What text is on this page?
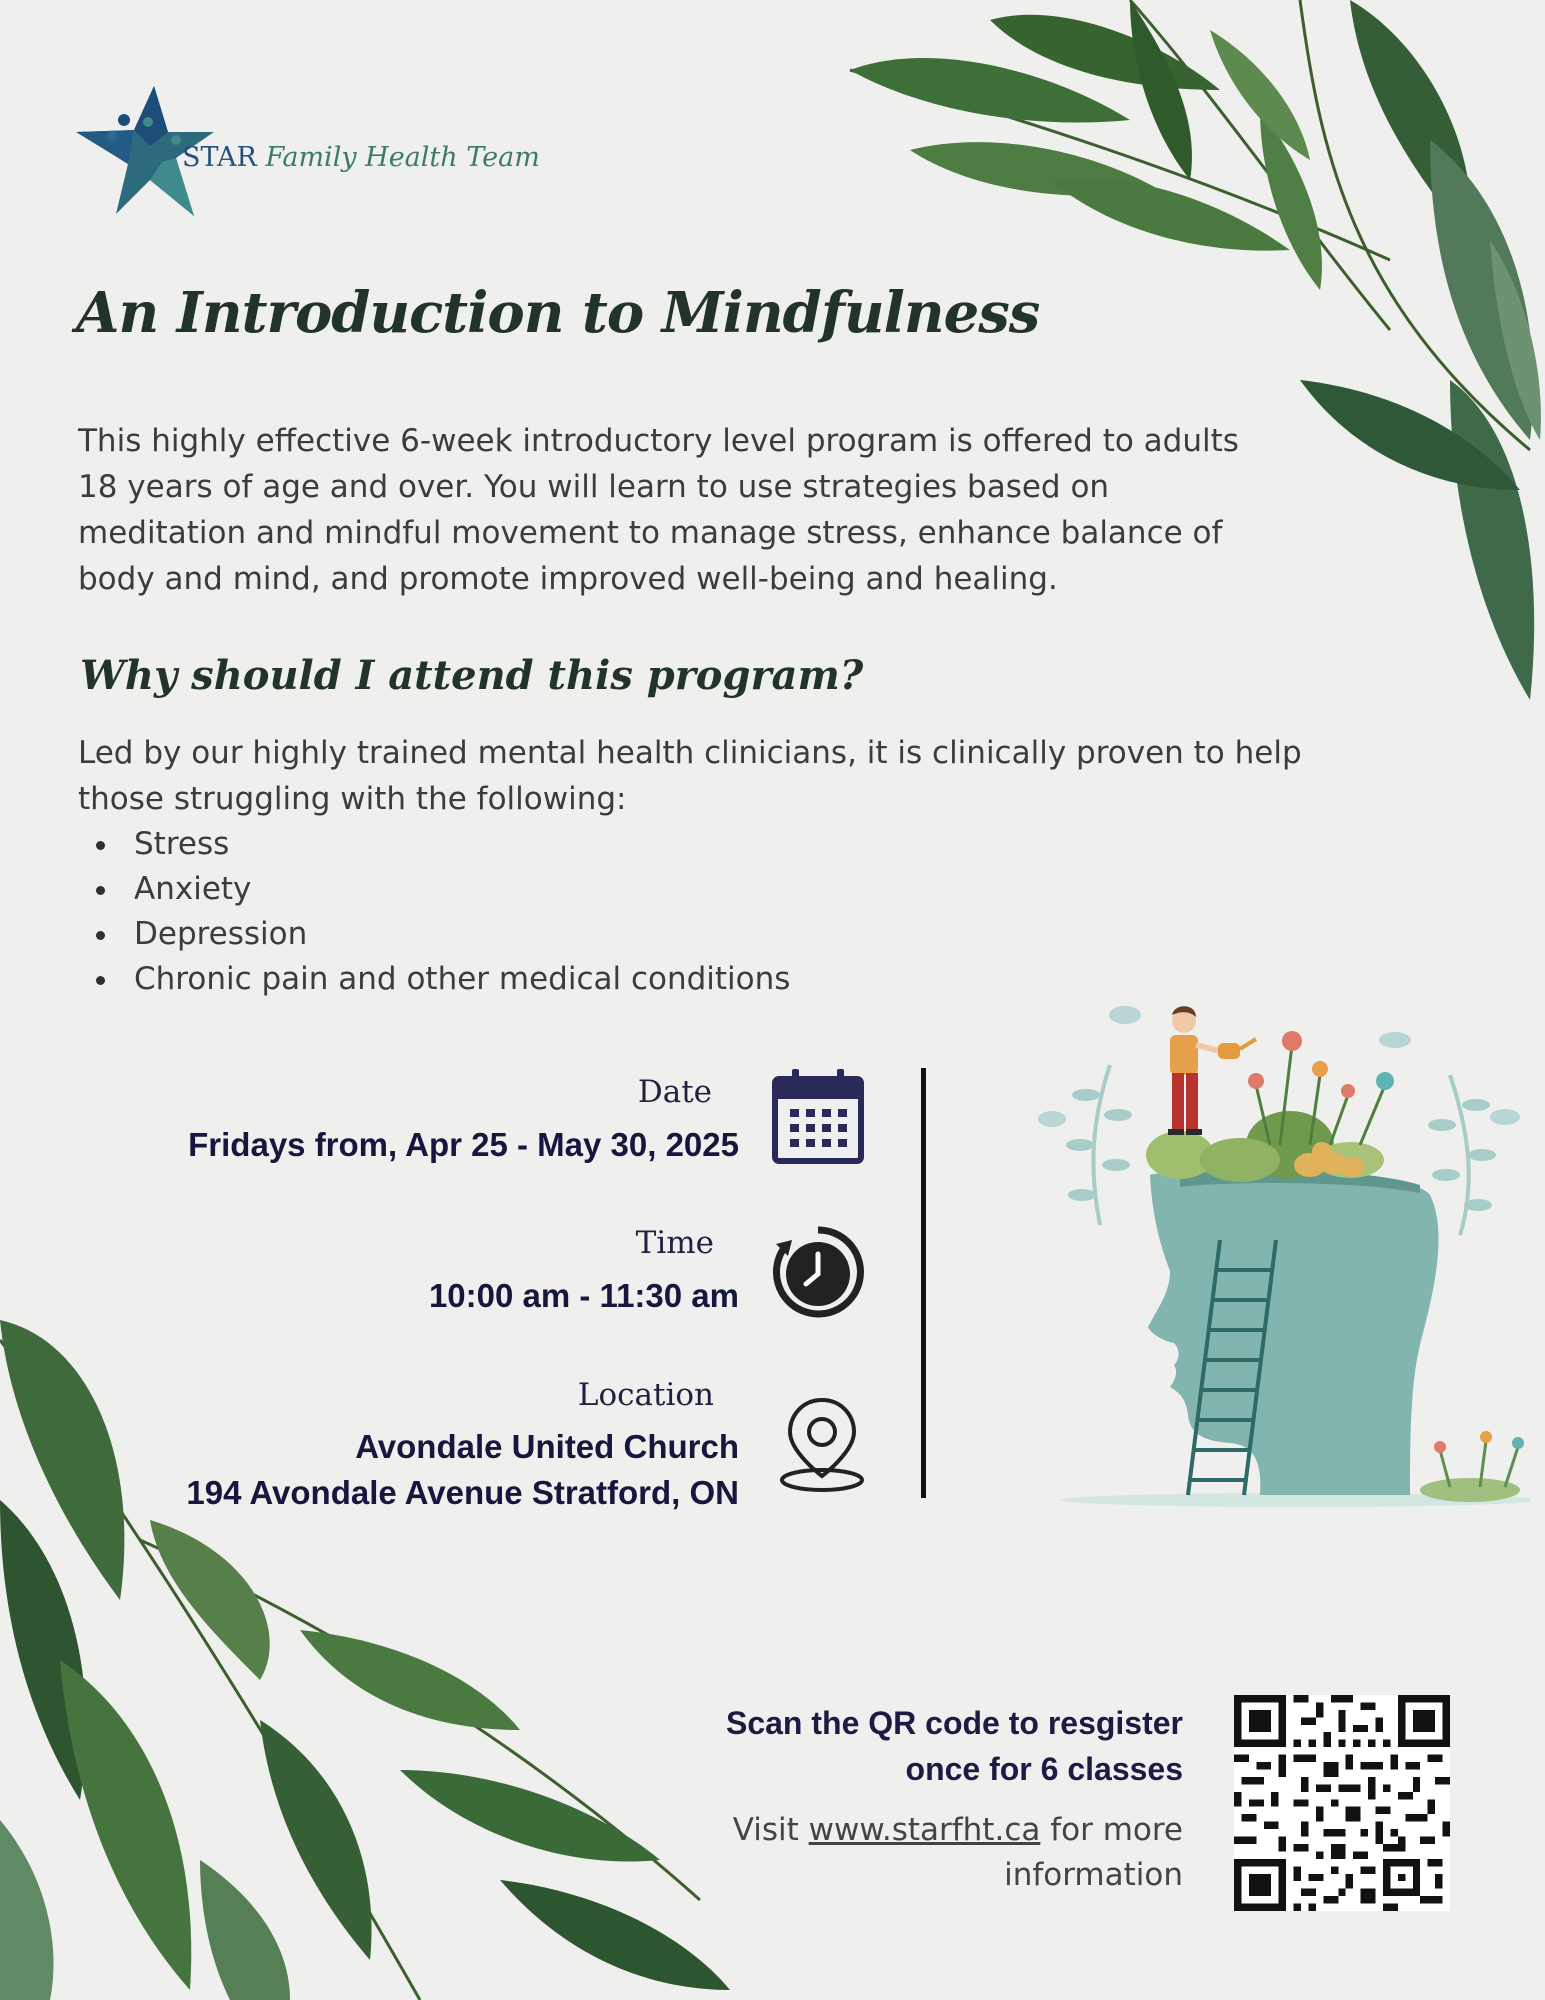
STAR Family Health Team
An Introduction to Mindfulness
This highly effective 6-week introductory level program is offered to adults
18 years of age and over. You will learn to use strategies based on
meditation and mindful movement to manage stress, enhance balance of
body and mind, and promote improved well-being and healing.
Why should I attend this program?
Led by our highly trained mental health clinicians, it is clinically proven to help
those struggling with the following:
Stress
Anxiety
Depression
Chronic pain and other medical conditions
Date
Fridays from, Apr 25 - May 30, 2025
Time
10:00 am - 11:30 am
Location
Avondale United Church
194 Avondale Avenue Stratford, ON
Scan the QR code to resgister
once for 6 classes
Visit www.starfht.ca for more
information
